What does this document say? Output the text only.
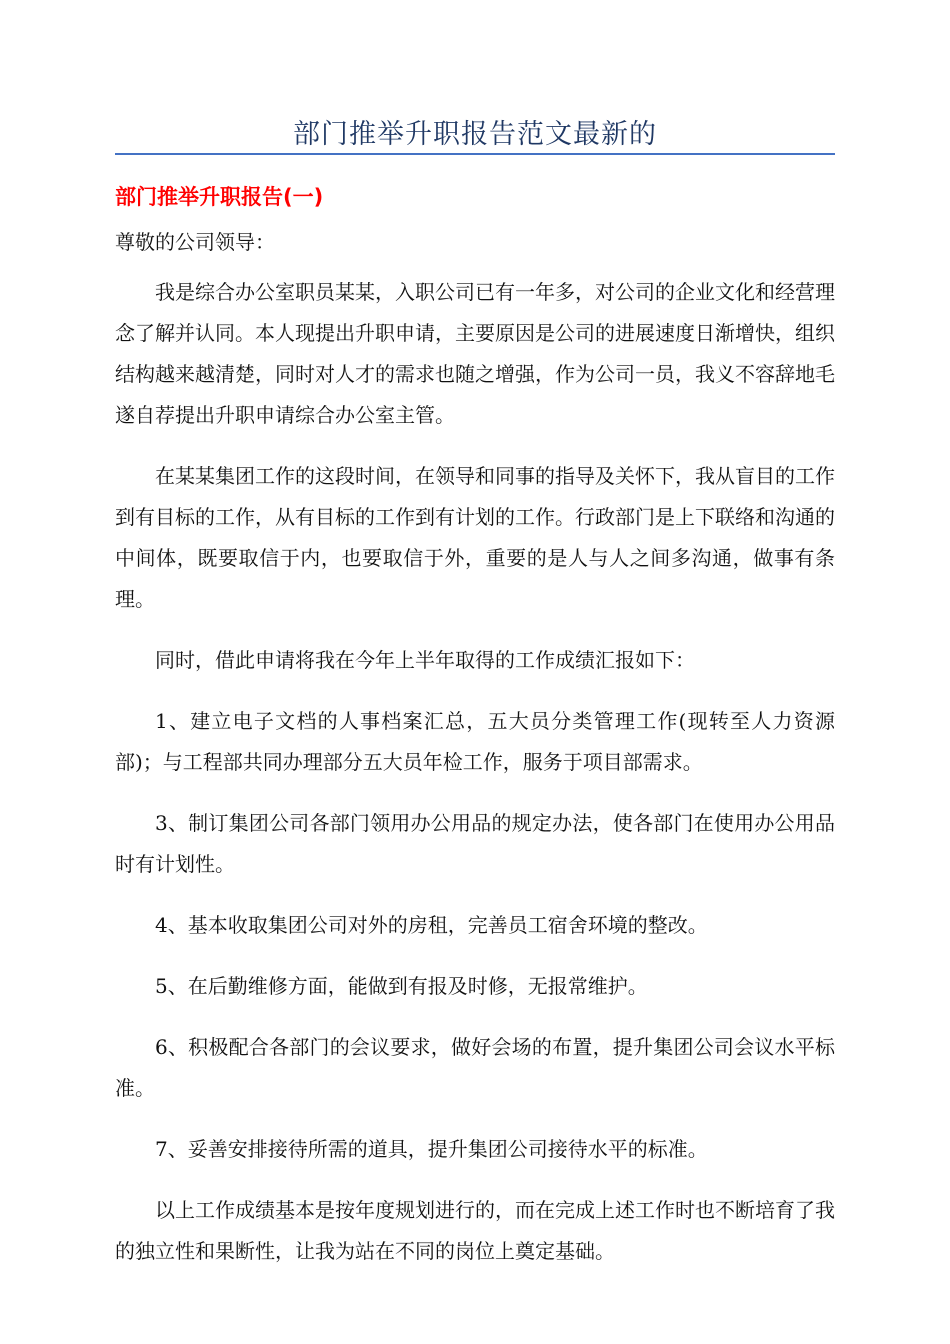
部门推举升职报告范文最新的
部门推举升职报告(一)

尊敬的公司领导：

我是综合办公室职员某某，入职公司已有一年多，对公司的企业文化和经营理念了解并认同。本人现提出升职申请，主要原因是公司的进展速度日渐增快，组织结构越来越清楚，同时对人才的需求也随之增强，作为公司一员，我义不容辞地毛遂自荐提出升职申请综合办公室主管。

在某某集团工作的这段时间，在领导和同事的指导及关怀下，我从盲目的工作到有目标的工作，从有目标的工作到有计划的工作。行政部门是上下联络和沟通的中间体，既要取信于内，也要取信于外，重要的是人与人之间多沟通，做事有条理。

同时，借此申请将我在今年上半年取得的工作成绩汇报如下：

1、建立电子文档的人事档案汇总，五大员分类管理工作(现转至人力资源部)；与工程部共同办理部分五大员年检工作，服务于项目部需求。

3、制订集团公司各部门领用办公用品的规定办法，使各部门在使用办公用品时有计划性。

4、基本收取集团公司对外的房租，完善员工宿舍环境的整改。

5、在后勤维修方面，能做到有报及时修，无报常维护。

6、积极配合各部门的会议要求，做好会场的布置，提升集团公司会议水平标准。

7、妥善安排接待所需的道具，提升集团公司接待水平的标准。

以上工作成绩基本是按年度规划进行的，而在完成上述工作时也不断培育了我的独立性和果断性，让我为站在不同的岗位上奠定基础。
